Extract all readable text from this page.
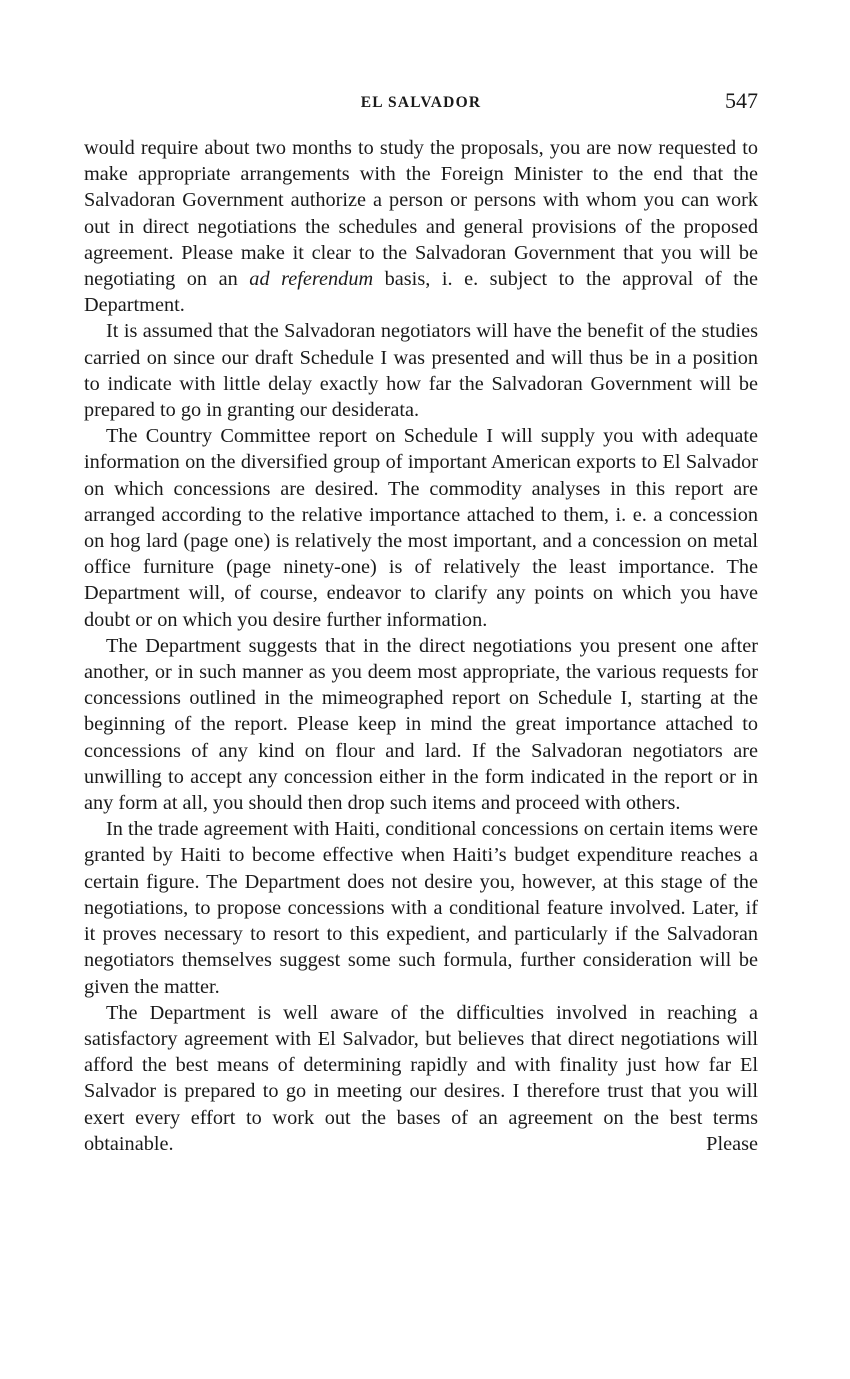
EL SALVADOR	547

would require about two months to study the proposals, you are now requested to make appropriate arrangements with the Foreign Minister to the end that the Salvadoran Government authorize a person or persons with whom you can work out in direct negotiations the schedules and general provisions of the proposed agreement. Please make it clear to the Salvadoran Government that you will be negotiating on an ad referendum basis, i. e. subject to the approval of the Department.

It is assumed that the Salvadoran negotiators will have the benefit of the studies carried on since our draft Schedule I was presented and will thus be in a position to indicate with little delay exactly how far the Salvadoran Government will be prepared to go in granting our desiderata.

The Country Committee report on Schedule I will supply you with adequate information on the diversified group of important American exports to El Salvador on which concessions are desired. The commodity analyses in this report are arranged according to the relative importance attached to them, i. e. a concession on hog lard (page one) is relatively the most important, and a concession on metal office furniture (page ninety-one) is of relatively the least importance. The Department will, of course, endeavor to clarify any points on which you have doubt or on which you desire further information.

The Department suggests that in the direct negotiations you present one after another, or in such manner as you deem most appropriate, the various requests for concessions outlined in the mimeographed report on Schedule I, starting at the beginning of the report. Please keep in mind the great importance attached to concessions of any kind on flour and lard. If the Salvadoran negotiators are unwilling to accept any concession either in the form indicated in the report or in any form at all, you should then drop such items and proceed with others.

In the trade agreement with Haiti, conditional concessions on certain items were granted by Haiti to become effective when Haiti’s budget expenditure reaches a certain figure. The Department does not desire you, however, at this stage of the negotiations, to propose concessions with a conditional feature involved. Later, if it proves necessary to resort to this expedient, and particularly if the Salvadoran negotiators themselves suggest some such formula, further consideration will be given the matter.

The Department is well aware of the difficulties involved in reaching a satisfactory agreement with El Salvador, but believes that direct negotiations will afford the best means of determining rapidly and with finality just how far El Salvador is prepared to go in meeting our desires. I therefore trust that you will exert every effort to work out the bases of an agreement on the best terms obtainable. Please
